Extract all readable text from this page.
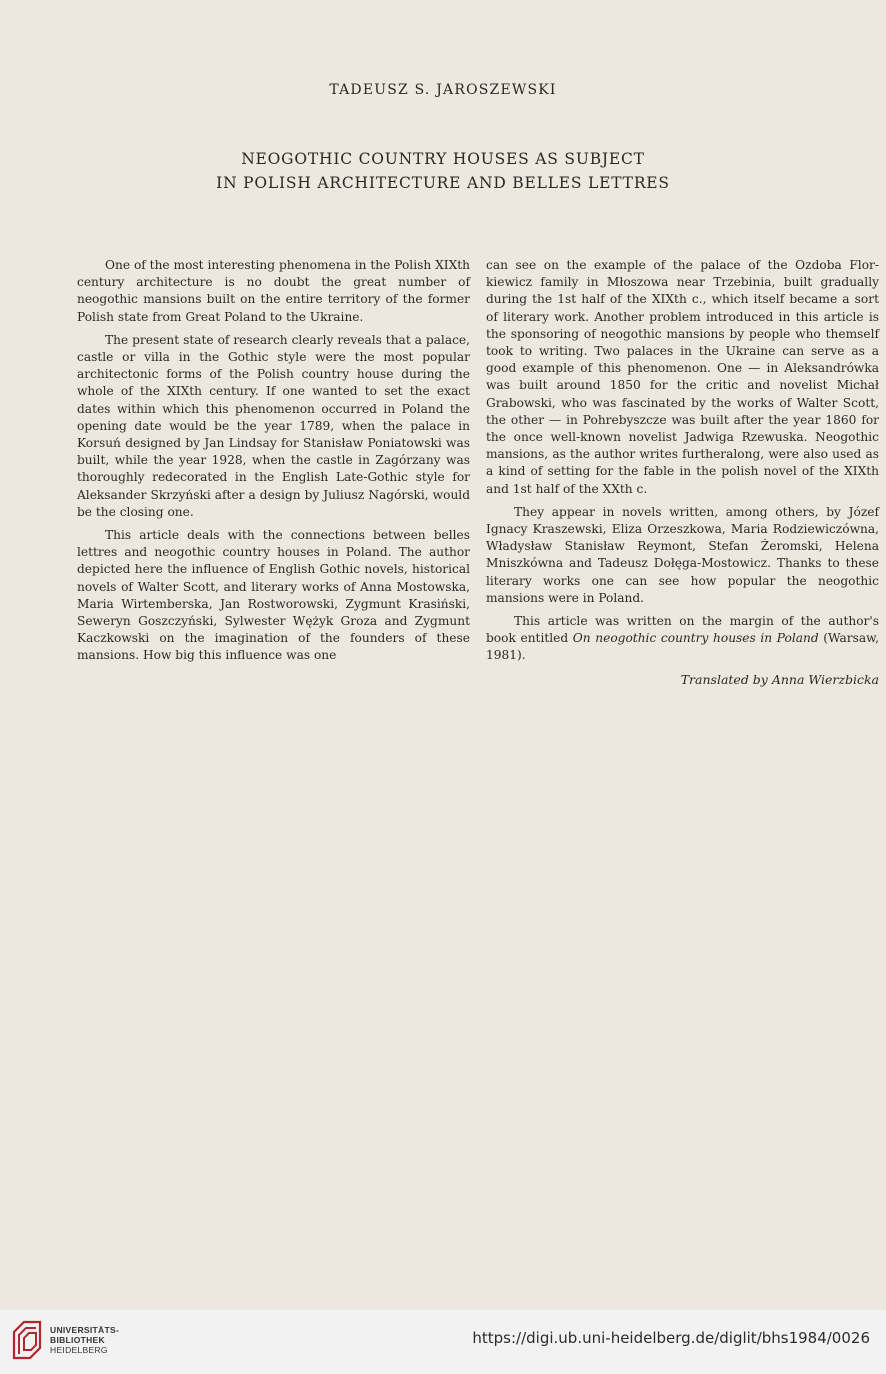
TADEUSZ S. JAROSZEWSKI
NEOGOTHIC COUNTRY HOUSES AS SUBJECT
IN POLISH ARCHITECTURE AND BELLES LETTRES

One of the most interesting phenomena in the Polish XIXth century architecture is no doubt the great number of neogothic mansions built on the entire territory of the former Polish state from Great Poland to the Ukraine.

The present state of research clearly reveals that a palace, castle or villa in the Gothic style were the most popular architectonic forms of the Polish country house during the whole of the XIXth century. If one wanted to set the exact dates within which this phenomenon occurred in Poland the opening date would be the year 1789, when the palace in Korsuń designed by Jan Lindsay for Stanisław Poniatowski was built, while the year 1928, when the castle in Zagórzany was thoroughly redecorated in the English Late-Gothic style for Aleksander Skrzyński after a design by Juliusz Nagórski, would be the closing one.

This article deals with the connections between belles lettres and neogothic country houses in Poland. The author depicted here the influence of English Gothic novels, historical novels of Walter Scott, and literary works of Anna Mostowska, Maria Wirtemberska, Jan Rostworowski, Zygmunt Krasiński, Seweryn Goszczyński, Sylwester Wężyk Groza and Zygmunt Kaczkowski on the imagination of the founders of these mansions. How big this influence was one

can see on the example of the palace of the Ozdoba Florkiewicz family in Młoszowa near Trzebinia, built gradually during the 1st half of the XIXth c., which itself became a sort of literary work. Another problem introduced in this article is the sponsoring of neogothic mansions by people who themself took to writing. Two palaces in the Ukraine can serve as a good example of this phenomenon. One — in Aleksandrówka was built around 1850 for the critic and novelist Michał Grabowski, who was fascinated by the works of Walter Scott, the other — in Pohrebyszcze was built after the year 1860 for the once well-known novelist Jadwiga Rzewuska. Neogothic mansions, as the author writes furtheralong, were also used as a kind of setting for the fable in the polish novel of the XIXth and 1st half of the XXth c.

They appear in novels written, among others, by Józef Ignacy Kraszewski, Eliza Orzeszkowa, Maria Rodziewiczówna, Władysław Stanisław Reymont, Stefan Żeromski, Helena Mniszkówna and Tadeusz Dołęga-Mostowicz. Thanks to these literary works one can see how popular the neogothic mansions were in Poland.

This article was written on the margin of the author's book entitled On neogothic country houses in Poland (Warsaw, 1981).

Translated by Anna Wierzbicka
UNIVERSITÄTS-
BIBLIOTHEK
HEIDELBERG
https://digi.ub.uni-heidelberg.de/diglit/bhs1984/0026
